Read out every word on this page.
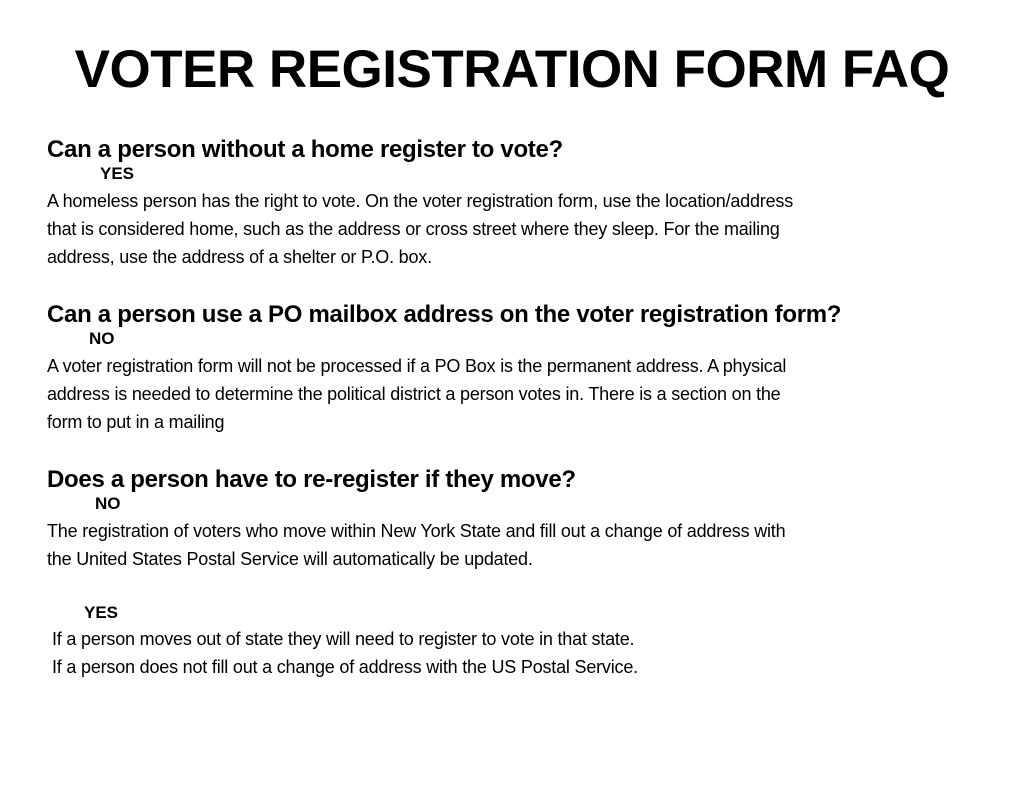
VOTER REGISTRATION FORM FAQ

Can a person without a home register to vote?

YES

A homeless person has the right to vote. On the voter registration form, use the location/address
that is considered home, such as the address or cross street where they sleep. For the mailing
address, use the address of a shelter or P.O. box.

Can a person use a PO mailbox address on the voter registration form?

NO

A voter registration form will not be processed if a PO Box is the permanent address. A physical
address is needed to determine the political district a person votes in. There is a section on the
form to put in a mailing

Does a person have to re-register if they move?

NO

The registration of voters who move within New York State and fill out a change of address with
the United States Postal Service will automatically be updated.

YES

If a person moves out of state they will need to register to vote in that state.
If a person does not fill out a change of address with the US Postal Service.
